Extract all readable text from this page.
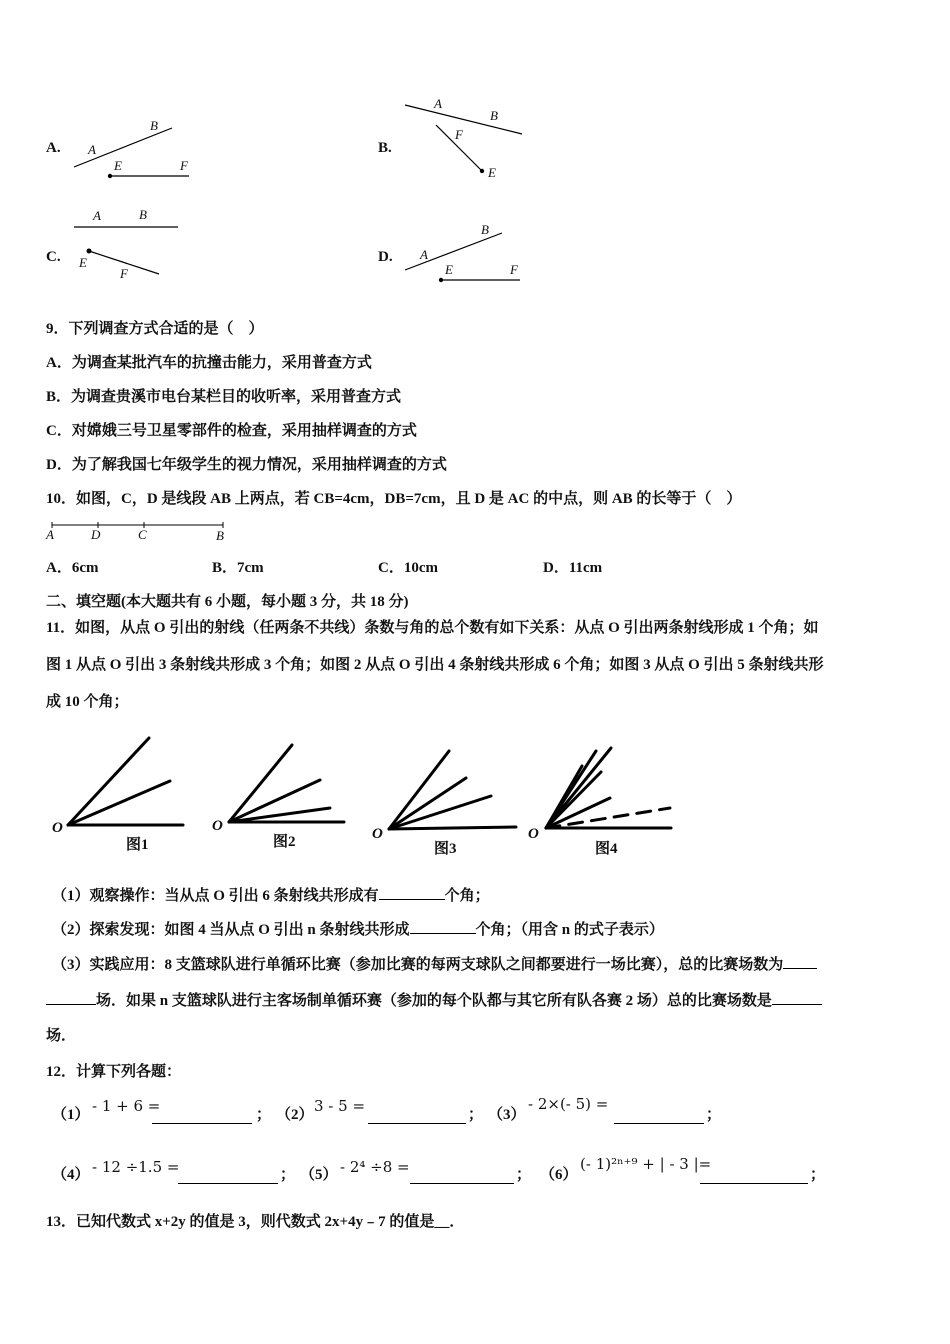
A. A
B
E	F
B.
A
B
F
E
C.
A	B
E
F
D. A
B
E	F
9．下列调查方式合适的是（　）
A．为调查某批汽车的抗撞击能力，采用普查方式
B．为调查贵溪市电台某栏目的收听率，采用普查方式
C．对嫦娥三号卫星零部件的检查，采用抽样调查的方式
D．为了解我国七年级学生的视力情况，采用抽样调查的方式
10．如图，C，D 是线段 AB 上两点，若 CB=4cm，DB=7cm，且 D 是 AC 的中点，则 AB 的长等于（　）
A	D	C	B
A．6cm	B．7cm	C．10cm	D．11cm
二、填空题(本大题共有 6 小题，每小题 3 分，共 18 分)
11．如图，从点 O 引出的射线（任两条不共线）条数与角的总个数有如下关系：从点 O 引出两条射线形成 1 个角；如
图 1 从点 O 引出 3 条射线共形成 3 个角；如图 2 从点 O 引出 4 条射线共形成 6 个角；如图 3 从点 O 引出 5 条射线共形
成 10 个角；
O	O	O	O
图1	图2	图3	图4
（1）观察操作：当从点 O 引出 6 条射线共形成有	个角；
（2）探索发现：如图 4 当从点 O 引出 n 条射线共形成	个角；（用含 n 的式子表示）
（3）实践应用：8 支篮球队进行单循环比赛（参加比赛的每两支球队之间都要进行一场比赛），总的比赛场数为
场．如果 n 支篮球队进行主客场制单循环赛（参加的每个队都与其它所有队各赛 2 场）总的比赛场数是
场．
12．计算下列各题：
（1） - 1 + 6 =	； （2） 3 - 5 =	； （3）
- 2×(- 5) =
；
（4） - 12 ÷1.5 =	； （5） - 2⁴ ÷8 =	； （6）
(- 1)²ⁿ⁺⁹ + | - 3 |=
；
13．已知代数式 x+2y 的值是 3，则代数式 2x+4y﹣7 的值是__．
